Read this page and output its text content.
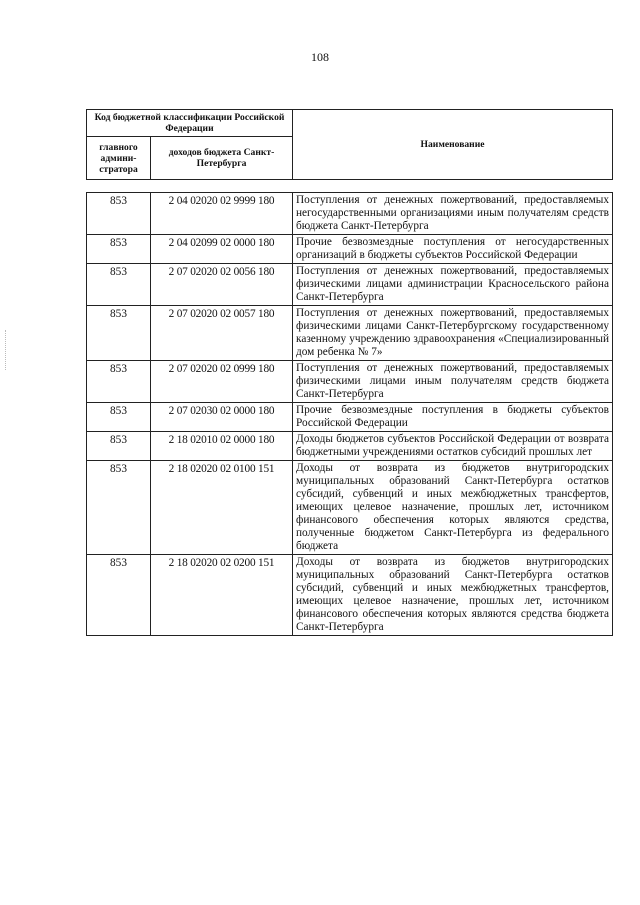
108
Код бюджетной классификации Российской Федерации		Наименование
главного админи-стратора	доходов бюджета Санкт-Петербурга	
853	2 04 02020 02 9999 180	Поступления от денежных пожертвований, предоставляемых негосударственными организациями иным получателям средств бюджета Санкт-Петербурга
853	2 04 02099 02 0000 180	Прочие безвозмездные поступления от негосударственных организаций в бюджеты субъектов Российской Федерации
853	2 07 02020 02 0056 180	Поступления от денежных пожертвований, предоставляемых физическими лицами администрации Красносельского района Санкт-Петербурга
853	2 07 02020 02 0057 180	Поступления от денежных пожертвований, предоставляемых физическими лицами Санкт-Петербургскому государственному казенному учреждению здравоохранения «Специализированный дом ребенка № 7»
853	2 07 02020 02 0999 180	Поступления от денежных пожертвований, предоставляемых физическими лицами иным получателям средств бюджета Санкт-Петербурга
853	2 07 02030 02 0000 180	Прочие безвозмездные поступления в бюджеты субъектов Российской Федерации
853	2 18 02010 02 0000 180	Доходы бюджетов субъектов Российской Федерации от возврата бюджетными учреждениями остатков субсидий прошлых лет
853	2 18 02020 02 0100 151	Доходы от возврата из бюджетов внутригородских муниципальных образований Санкт-Петербурга остатков субсидий, субвенций и иных межбюджетных трансфертов, имеющих целевое назначение, прошлых лет, источником финансового обеспечения которых являются средства, полученные бюджетом Санкт-Петербурга из федерального бюджета
853	2 18 02020 02 0200 151	Доходы от возврата из бюджетов внутригородских муниципальных образований Санкт-Петербурга остатков субсидий, субвенций и иных межбюджетных трансфертов, имеющих целевое назначение, прошлых лет, источником финансового обеспечения которых являются средства бюджета Санкт-Петербурга
